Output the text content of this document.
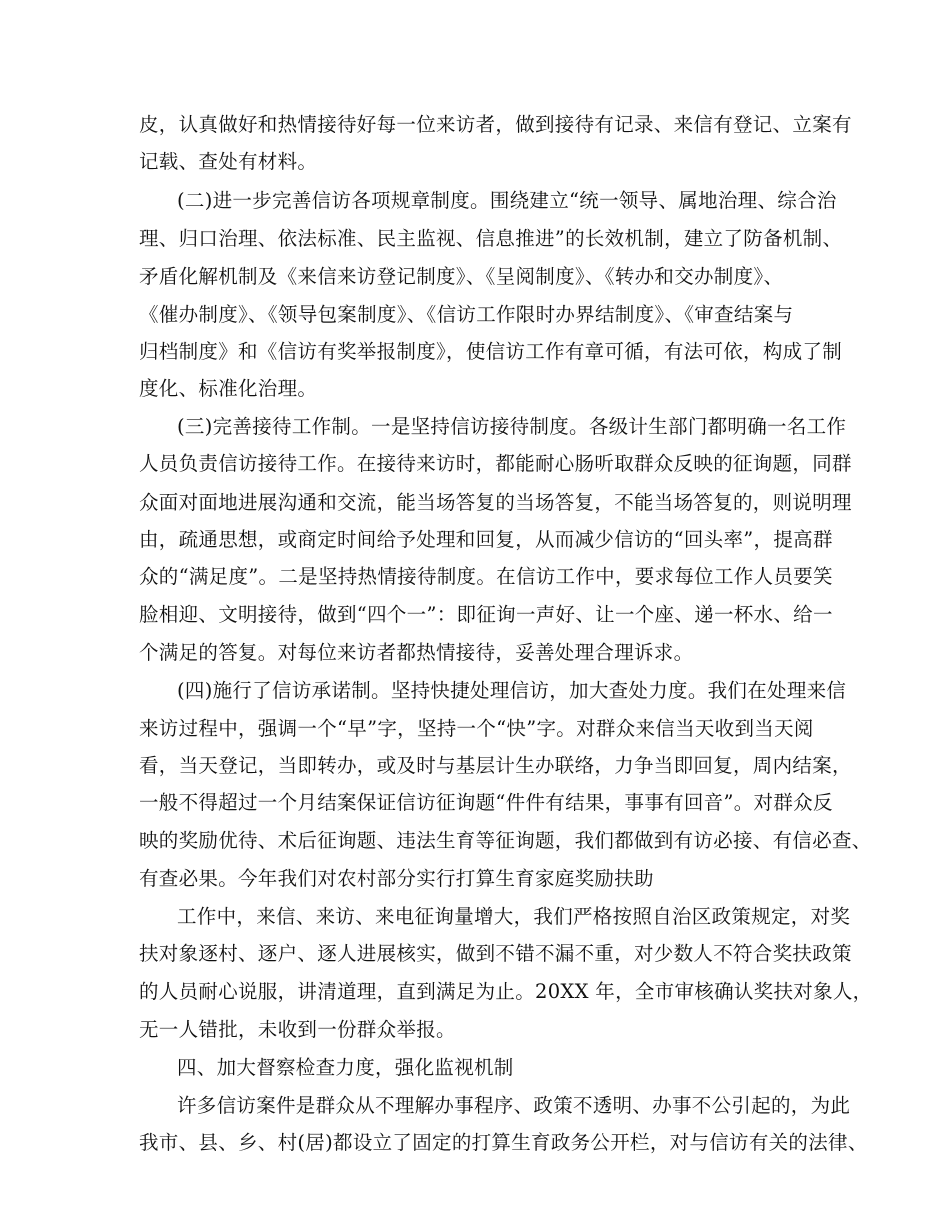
皮，认真做好和热情接待好每一位来访者，做到接待有记录、来信有登记、立案有
记载、查处有材料。
(二)进一步完善信访各项规章制度。围绕建立“统一领导、属地治理、综合治
理、归口治理、依法标准、民主监视、信息推进”的长效机制，建立了防备机制、
矛盾化解机制及《来信来访登记制度》、《呈阅制度》、《转办和交办制度》、
《催办制度》、《领导包案制度》、《信访工作限时办界结制度》、《审查结案与
归档制度》和《信访有奖举报制度》，使信访工作有章可循，有法可依，构成了制
度化、标准化治理。
(三)完善接待工作制。一是坚持信访接待制度。各级计生部门都明确一名工作
人员负责信访接待工作。在接待来访时，都能耐心肠听取群众反映的征询题，同群
众面对面地进展沟通和交流，能当场答复的当场答复，不能当场答复的，则说明理
由，疏通思想，或商定时间给予处理和回复，从而减少信访的“回头率”，提高群
众的“满足度”。二是坚持热情接待制度。在信访工作中，要求每位工作人员要笑
脸相迎、文明接待，做到“四个一”：即征询一声好、让一个座、递一杯水、给一
个满足的答复。对每位来访者都热情接待，妥善处理合理诉求。
(四)施行了信访承诺制。坚持快捷处理信访，加大查处力度。我们在处理来信
来访过程中，强调一个“早”字，坚持一个“快”字。对群众来信当天收到当天阅
看，当天登记，当即转办，或及时与基层计生办联络，力争当即回复，周内结案，
一般不得超过一个月结案保证信访征询题“件件有结果，事事有回音”。对群众反
映的奖励优待、术后征询题、违法生育等征询题，我们都做到有访必接、有信必查、
有查必果。今年我们对农村部分实行打算生育家庭奖励扶助
工作中，来信、来访、来电征询量增大，我们严格按照自治区政策规定，对奖
扶对象逐村、逐户、逐人进展核实，做到不错不漏不重，对少数人不符合奖扶政策
的人员耐心说服，讲清道理，直到满足为止。20XX 年，全市审核确认奖扶对象人，
无一人错批，未收到一份群众举报。
四、加大督察检查力度，强化监视机制
许多信访案件是群众从不理解办事程序、政策不透明、办事不公引起的，为此
我市、县、乡、村(居)都设立了固定的打算生育政务公开栏，对与信访有关的法律、
